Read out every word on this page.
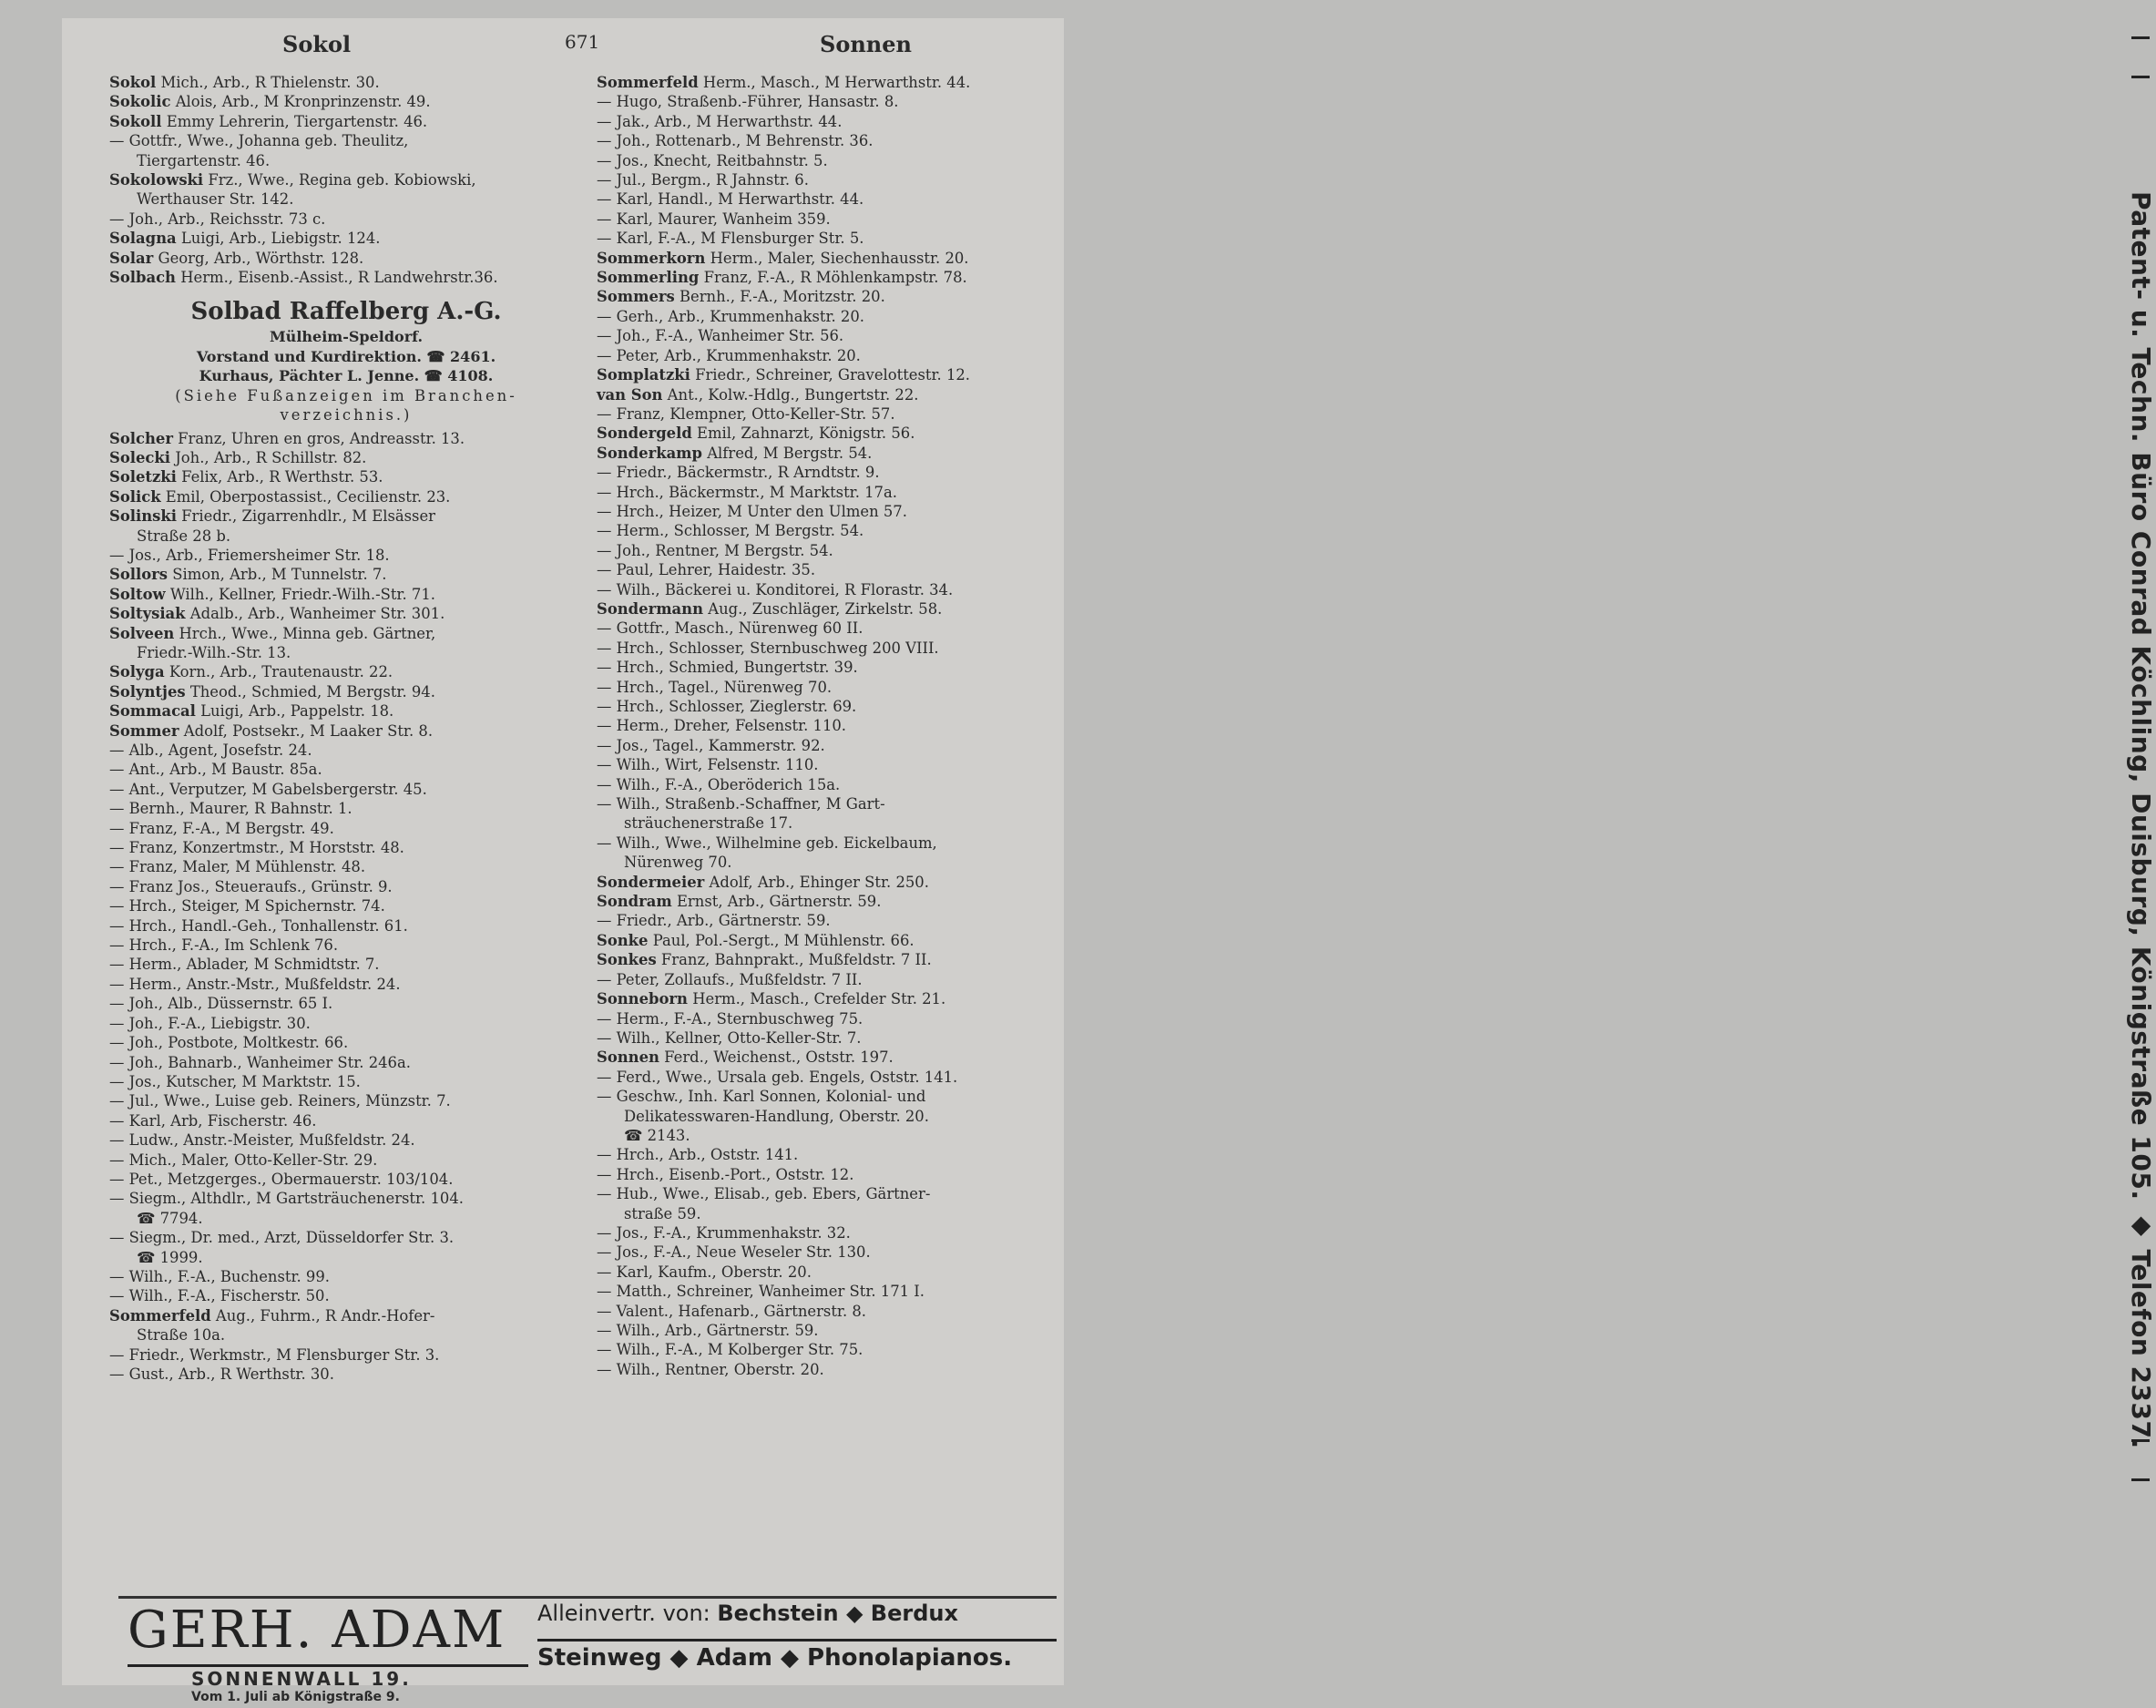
Sokol	671	Sonnen
Sokol Mich., Arb., R Thielenstr. 30.
Sokolic Alois, Arb., M Kronprinzenstr. 49.
Sokoll Emmy Lehrerin, Tiergartenstr. 46.
— Gottfr., Wwe., Johanna geb. Theulitz,
Tiergartenstr. 46.
Sokolowski Frz., Wwe., Regina geb. Kobiowski,
Werthauser Str. 142.
— Joh., Arb., Reichsstr. 73 c.
Solagna Luigi, Arb., Liebigstr. 124.
Solar Georg, Arb., Wörthstr. 128.
Solbach Herm., Eisenb.-Assist., R Landwehrstr.36.
Solbad Raffelberg A.-G.
Mülheim-Speldorf.
Vorstand und Kurdirektion. ☎ 2461.
Kurhaus, Pächter L. Jenne. ☎ 4108.
(Siehe Fußanzeigen im Branchen-
verzeichnis.)
Solcher Franz, Uhren en gros, Andreasstr. 13.
Solecki Joh., Arb., R Schillstr. 82.
Soletzki Felix, Arb., R Werthstr. 53.
Solick Emil, Oberpostassist., Cecilienstr. 23.
Solinski Friedr., Zigarrenhdlr., M Elsässer
Straße 28 b.
— Jos., Arb., Friemersheimer Str. 18.
Sollors Simon, Arb., M Tunnelstr. 7.
Soltow Wilh., Kellner, Friedr.-Wilh.-Str. 71.
Soltysiak Adalb., Arb., Wanheimer Str. 301.
Solveen Hrch., Wwe., Minna geb. Gärtner,
Friedr.-Wilh.-Str. 13.
Solyga Korn., Arb., Trautenaustr. 22.
Solyntjes Theod., Schmied, M Bergstr. 94.
Sommacal Luigi, Arb., Pappelstr. 18.
Sommer Adolf, Postsekr., M Laaker Str. 8.
— Alb., Agent, Josefstr. 24.
— Ant., Arb., M Baustr. 85a.
— Ant., Verputzer, M Gabelsbergerstr. 45.
— Bernh., Maurer, R Bahnstr. 1.
— Franz, F.-A., M Bergstr. 49.
— Franz, Konzertmstr., M Horststr. 48.
— Franz, Maler, M Mühlenstr. 48.
— Franz Jos., Steueraufs., Grünstr. 9.
— Hrch., Steiger, M Spichernstr. 74.
— Hrch., Handl.-Geh., Tonhallenstr. 61.
— Hrch., F.-A., Im Schlenk 76.
— Herm., Ablader, M Schmidtstr. 7.
— Herm., Anstr.-Mstr., Mußfeldstr. 24.
— Joh., Alb., Düssernstr. 65 I.
— Joh., F.-A., Liebigstr. 30.
— Joh., Postbote, Moltkestr. 66.
— Joh., Bahnarb., Wanheimer Str. 246a.
— Jos., Kutscher, M Marktstr. 15.
— Jul., Wwe., Luise geb. Reiners, Münzstr. 7.
— Karl, Arb, Fischerstr. 46.
— Ludw., Anstr.-Meister, Mußfeldstr. 24.
— Mich., Maler, Otto-Keller-Str. 29.
— Pet., Metzgerges., Obermauerstr. 103/104.
— Siegm., Althdlr., M Gartsträuchenerstr. 104.
☎ 7794.
— Siegm., Dr. med., Arzt, Düsseldorfer Str. 3.
☎ 1999.
— Wilh., F.-A., Buchenstr. 99.
— Wilh., F.-A., Fischerstr. 50.
Sommerfeld Aug., Fuhrm., R Andr.-Hofer-
Straße 10a.
— Friedr., Werkmstr., M Flensburger Str. 3.
— Gust., Arb., R Werthstr. 30.
Sommerfeld Herm., Masch., M Herwarthstr. 44.
— Hugo, Straßenb.-Führer, Hansastr. 8.
— Jak., Arb., M Herwarthstr. 44.
— Joh., Rottenarb., M Behrenstr. 36.
— Jos., Knecht, Reitbahnstr. 5.
— Jul., Bergm., R Jahnstr. 6.
— Karl, Handl., M Herwarthstr. 44.
— Karl, Maurer, Wanheim 359.
— Karl, F.-A., M Flensburger Str. 5.
Sommerkorn Herm., Maler, Siechenhausstr. 20.
Sommerling Franz, F.-A., R Möhlenkampstr. 78.
Sommers Bernh., F.-A., Moritzstr. 20.
— Gerh., Arb., Krummenhakstr. 20.
— Joh., F.-A., Wanheimer Str. 56.
— Peter, Arb., Krummenhakstr. 20.
Somplatzki Friedr., Schreiner, Gravelottestr. 12.
van Son Ant., Kolw.-Hdlg., Bungertstr. 22.
— Franz, Klempner, Otto-Keller-Str. 57.
Sondergeld Emil, Zahnarzt, Königstr. 56.
Sonderkamp Alfred, M Bergstr. 54.
— Friedr., Bäckermstr., R Arndtstr. 9.
— Hrch., Bäckermstr., M Marktstr. 17a.
— Hrch., Heizer, M Unter den Ulmen 57.
— Herm., Schlosser, M Bergstr. 54.
— Joh., Rentner, M Bergstr. 54.
— Paul, Lehrer, Haidestr. 35.
— Wilh., Bäckerei u. Konditorei, R Florastr. 34.
Sondermann Aug., Zuschläger, Zirkelstr. 58.
— Gottfr., Masch., Nürenweg 60 II.
— Hrch., Schlosser, Sternbuschweg 200 VIII.
— Hrch., Schmied, Bungertstr. 39.
— Hrch., Tagel., Nürenweg 70.
— Hrch., Schlosser, Zieglerstr. 69.
— Herm., Dreher, Felsenstr. 110.
— Jos., Tagel., Kammerstr. 92.
— Wilh., Wirt, Felsenstr. 110.
— Wilh., F.-A., Oberöderich 15a.
— Wilh., Straßenb.-Schaffner, M Gart-
sträuchenerstraße 17.
— Wilh., Wwe., Wilhelmine geb. Eickelbaum,
Nürenweg 70.
Sondermeier Adolf, Arb., Ehinger Str. 250.
Sondram Ernst, Arb., Gärtnerstr. 59.
— Friedr., Arb., Gärtnerstr. 59.
Sonke Paul, Pol.-Sergt., M Mühlenstr. 66.
Sonkes Franz, Bahnprakt., Mußfeldstr. 7 II.
— Peter, Zollaufs., Mußfeldstr. 7 II.
Sonneborn Herm., Masch., Crefelder Str. 21.
— Herm., F.-A., Sternbuschweg 75.
— Wilh., Kellner, Otto-Keller-Str. 7.
Sonnen Ferd., Weichenst., Oststr. 197.
— Ferd., Wwe., Ursala geb. Engels, Oststr. 141.
— Geschw., Inh. Karl Sonnen, Kolonial- und
Delikatesswaren-Handlung, Oberstr. 20.
☎ 2143.
— Hrch., Arb., Oststr. 141.
— Hrch., Eisenb.-Port., Oststr. 12.
— Hub., Wwe., Elisab., geb. Ebers, Gärtner-
straße 59.
— Jos., F.-A., Krummenhakstr. 32.
— Jos., F.-A., Neue Weseler Str. 130.
— Karl, Kaufm., Oberstr. 20.
— Matth., Schreiner, Wanheimer Str. 171 I.
— Valent., Hafenarb., Gärtnerstr. 8.
— Wilh., Arb., Gärtnerstr. 59.
— Wilh., F.-A., M Kolberger Str. 75.
— Wilh., Rentner, Oberstr. 20.	Patent- u. Techn. Büro Conrad Köchling, Duisburg, Königstraße 105. ◆ Telefon 2337.
GERH. ADAM
SONNENWALL 19.
Vom 1. Juli ab Königstraße 9.
Alleinvertr. von: Bechstein ◆ Berdux
Steinweg ◆ Adam ◆ Phonolapianos.
